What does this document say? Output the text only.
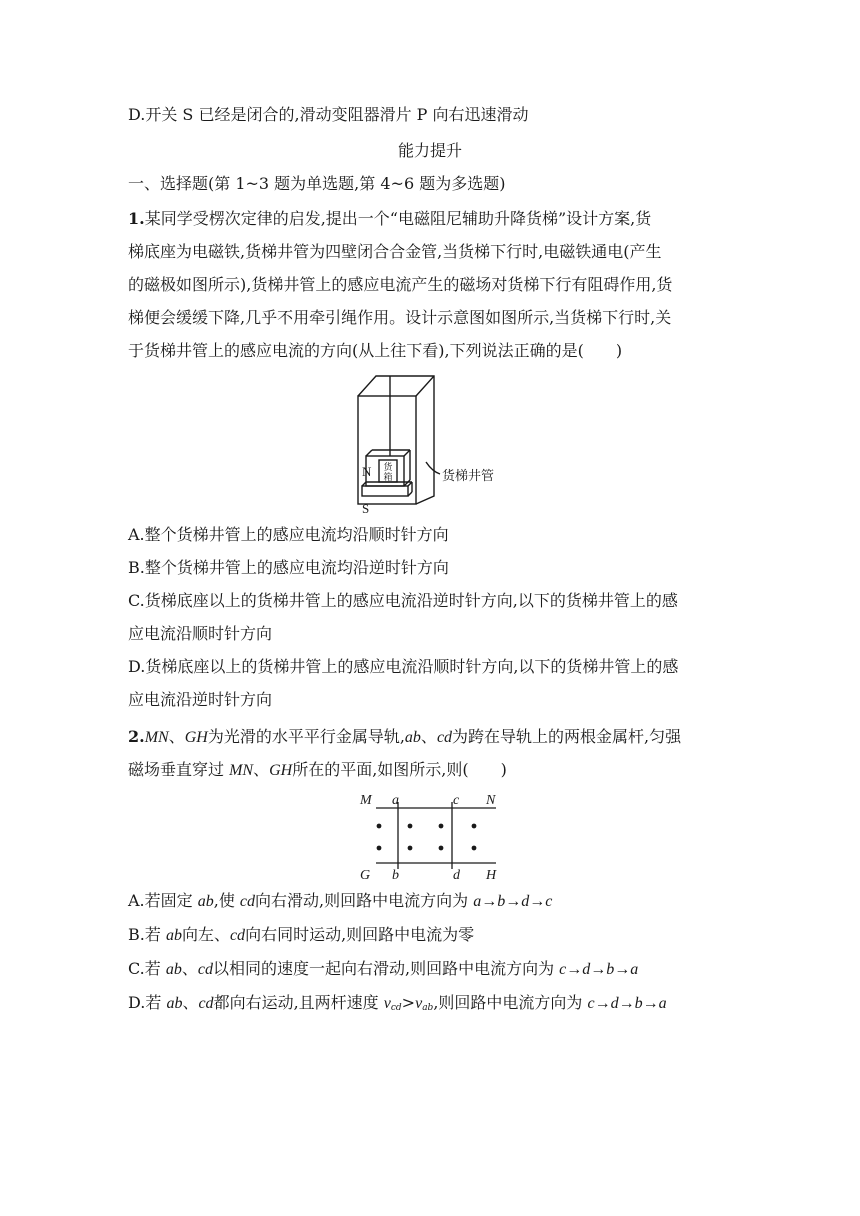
D.开关 S 已经是闭合的,滑动变阻器滑片 P 向右迅速滑动
能力提升
一、选择题(第 1~3 题为单选题,第 4~6 题为多选题)
1.某同学受楞次定律的启发,提出一个“电磁阻尼辅助升降货梯”设计方案,货
梯底座为电磁铁,货梯井管为四壁闭合合金管,当货梯下行时,电磁铁通电(产生
的磁极如图所示),货梯井管上的感应电流产生的磁场对货梯下行有阻碍作用,货
梯便会缓缓下降,几乎不用牵引绳作用。设计示意图如图所示,当货梯下行时,关
于货梯井管上的感应电流的方向(从上往下看),下列说法正确的是(　　)
N 货
箱
S
货梯井管
A.整个货梯井管上的感应电流均沿顺时针方向
B.整个货梯井管上的感应电流均沿逆时针方向
C.货梯底座以上的货梯井管上的感应电流沿逆时针方向,以下的货梯井管上的感
应电流沿顺时针方向
D.货梯底座以上的货梯井管上的感应电流沿顺时针方向,以下的货梯井管上的感
应电流沿逆时针方向
2.MN、GH为光滑的水平平行金属导轨,ab、cd为跨在导轨上的两根金属杆,匀强
磁场垂直穿过 MN、GH所在的平面,如图所示,则(　　)
M a	c N
G b	d H
A.若固定 ab,使 cd向右滑动,则回路中电流方向为 a→b→d→c
B.若 ab向左、cd向右同时运动,则回路中电流为零
C.若 ab、cd以相同的速度一起向右滑动,则回路中电流方向为 c→d→b→a
D.若 ab、cd都向右运动,且两杆速度 $v_{cd}>v_{ab}$,则回路中电流方向为 c→d→b→a
